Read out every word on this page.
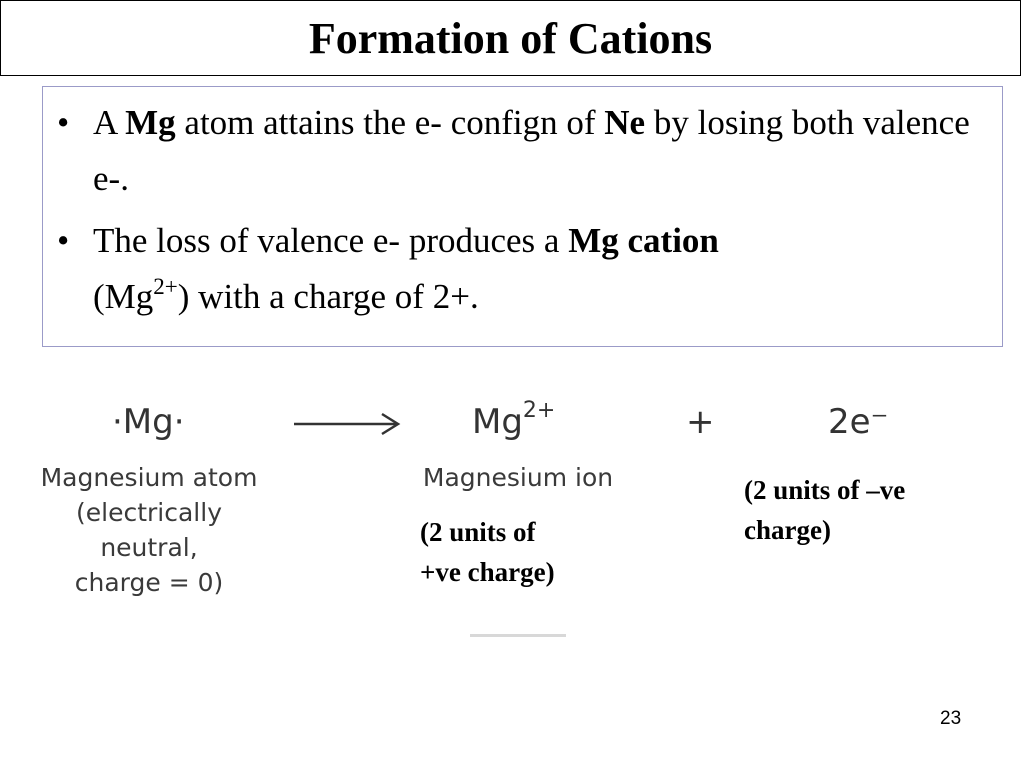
Formation of Cations
• A Mg atom attains the e- confign of Ne by losing both valence e-.
• The loss of valence e- produces a Mg cation
$(Mg^{2+})$ with a charge of 2+.
·Mg·	$Mg^{2+}$	+	2e⁻
Magnesium atom
(electrically
neutral,
charge = 0)
Magnesium ion
(2 units of
+ve charge)
(2 units of –ve
charge)
23
